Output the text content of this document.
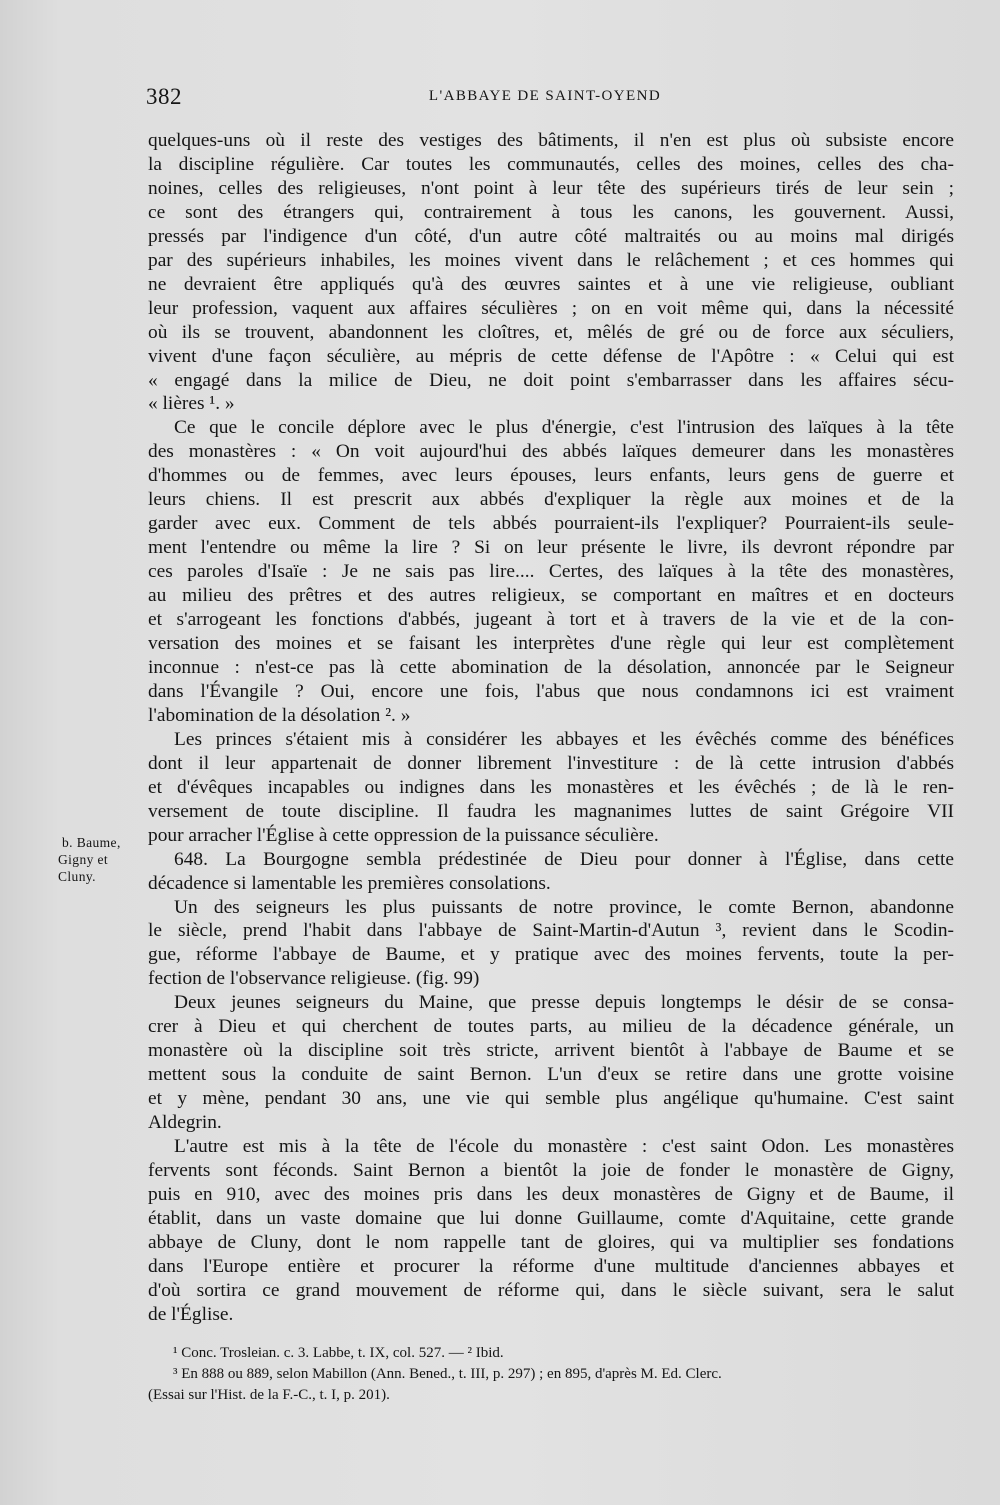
382	L'ABBAYE DE SAINT-OYEND
b. Baume,
Gigny et
Cluny.
quelques-uns où il reste des vestiges des bâtiments, il n'en est plus où subsiste encore
la discipline régulière. Car toutes les communautés, celles des moines, celles des cha-
noines, celles des religieuses, n'ont point à leur tête des supérieurs tirés de leur sein ;
ce sont des étrangers qui, contrairement à tous les canons, les gouvernent. Aussi,
pressés par l'indigence d'un côté, d'un autre côté maltraités ou au moins mal dirigés
par des supérieurs inhabiles, les moines vivent dans le relâchement ; et ces hommes qui
ne devraient être appliqués qu'à des œuvres saintes et à une vie religieuse, oubliant
leur profession, vaquent aux affaires séculières ; on en voit même qui, dans la nécessité
où ils se trouvent, abandonnent les cloîtres, et, mêlés de gré ou de force aux séculiers,
vivent d'une façon séculière, au mépris de cette défense de l'Apôtre : « Celui qui est
« engagé dans la milice de Dieu, ne doit point s'embarrasser dans les affaires sécu-
« lières ¹. »
Ce que le concile déplore avec le plus d'énergie, c'est l'intrusion des laïques à la tête
des monastères : « On voit aujourd'hui des abbés laïques demeurer dans les monastères
d'hommes ou de femmes, avec leurs épouses, leurs enfants, leurs gens de guerre et
leurs chiens. Il est prescrit aux abbés d'expliquer la règle aux moines et de la
garder avec eux. Comment de tels abbés pourraient-ils l'expliquer? Pourraient-ils seule-
ment l'entendre ou même la lire ? Si on leur présente le livre, ils devront répondre par
ces paroles d'Isaïe : Je ne sais pas lire.... Certes, des laïques à la tête des monastères,
au milieu des prêtres et des autres religieux, se comportant en maîtres et en docteurs
et s'arrogeant les fonctions d'abbés, jugeant à tort et à travers de la vie et de la con-
versation des moines et se faisant les interprètes d'une règle qui leur est complètement
inconnue : n'est-ce pas là cette abomination de la désolation, annoncée par le Seigneur
dans l'Évangile ? Oui, encore une fois, l'abus que nous condamnons ici est vraiment
l'abomination de la désolation ². »
Les princes s'étaient mis à considérer les abbayes et les évêchés comme des bénéfices
dont il leur appartenait de donner librement l'investiture : de là cette intrusion d'abbés
et d'évêques incapables ou indignes dans les monastères et les évêchés ; de là le ren-
versement de toute discipline. Il faudra les magnanimes luttes de saint Grégoire VII
pour arracher l'Église à cette oppression de la puissance séculière.
648. La Bourgogne sembla prédestinée de Dieu pour donner à l'Église, dans cette
décadence si lamentable les premières consolations.
Un des seigneurs les plus puissants de notre province, le comte Bernon, abandonne
le siècle, prend l'habit dans l'abbaye de Saint-Martin-d'Autun ³, revient dans le Scodin-
gue, réforme l'abbaye de Baume, et y pratique avec des moines fervents, toute la per-
fection de l'observance religieuse. (fig. 99)
Deux jeunes seigneurs du Maine, que presse depuis longtemps le désir de se consa-
crer à Dieu et qui cherchent de toutes parts, au milieu de la décadence générale, un
monastère où la discipline soit très stricte, arrivent bientôt à l'abbaye de Baume et se
mettent sous la conduite de saint Bernon. L'un d'eux se retire dans une grotte voisine
et y mène, pendant 30 ans, une vie qui semble plus angélique qu'humaine. C'est saint
Aldegrin.
L'autre est mis à la tête de l'école du monastère : c'est saint Odon. Les monastères
fervents sont féconds. Saint Bernon a bientôt la joie de fonder le monastère de Gigny,
puis en 910, avec des moines pris dans les deux monastères de Gigny et de Baume, il
établit, dans un vaste domaine que lui donne Guillaume, comte d'Aquitaine, cette grande
abbaye de Cluny, dont le nom rappelle tant de gloires, qui va multiplier ses fondations
dans l'Europe entière et procurer la réforme d'une multitude d'anciennes abbayes et
d'où sortira ce grand mouvement de réforme qui, dans le siècle suivant, sera le salut
de l'Église.
¹ Conc. Trosleian. c. 3. Labbe, t. IX, col. 527. — ² Ibid.
³ En 888 ou 889, selon Mabillon (Ann. Bened., t. III, p. 297) ; en 895, d'après M. Ed. Clerc.
(Essai sur l'Hist. de la F.-C., t. I, p. 201).
